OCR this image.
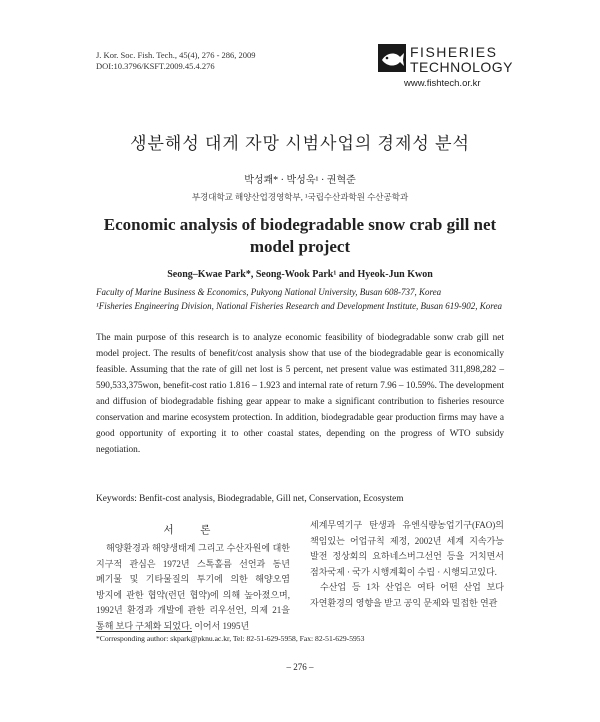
J. Kor. Soc. Fish. Tech., 45(4), 276 - 286, 2009
DOI:10.3796/KSFT.2009.45.4.276
FISHERIES
TECHNOLOGY
www.fishtech.or.kr
생분해성 대게 자망 시범사업의 경제성 분석
박성쾌* · 박성욱¹ · 권혁준
부경대학교 해양산업경영학부, ¹국립수산과학원 수산공학과
Economic analysis of biodegradable snow crab gill net
model project
Seong–Kwae Park*, Seong-Wook Park¹ and Hyeok-Jun Kwon
Faculty of Marine Business & Economics, Pukyong National University, Busan 608-737, Korea
¹Fisheries Engineering Division, National Fisheries Research and Development Institute, Busan 619-902, Korea
The main purpose of this research is to analyze economic feasibility of biodegradable sonw crab gill net model project. The results of benefit/cost analysis show that use of the biodegradable gear is economically feasible. Assuming that the rate of gill net lost is 5 percent, net present value was estimated 311,898,282 – 590,533,375won, benefit-cost ratio 1.816 – 1.923 and internal rate of return 7.96 – 10.59%. The development and diffusion of biodegradable fishing gear appear to make a significant contribution to fisheries resource conservation and marine ecosystem protection. In addition, biodegradable gear production firms may have a good opportunity of exporting it to other coastal states, depending on the progress of WTO subsidy negotiation.
Keywords: Benfit-cost analysis, Biodegradable, Gill net, Conservation, Ecosystem
서 론

해양환경과 해양생태계 그리고 수산자원에 대한 지구적 관심은 1972년 스톡홀름 선언과 동년 폐기물 및 기타물질의 투기에 의한 해양오염 방지에 관한 협약(런던 협약)에 의해 높아졌으며, 1992년 환경과 개발에 관한 리우선언, 의제 21을 통해 보다 구체화 되었다. 이어서 1995년

세계무역기구 탄생과 유엔식량농업기구(FAO)의 책임있는 어업규칙 제정, 2002년 세계 지속가능 발전 정상회의 요하네스버그선언 등을 거치면서 점차국제 · 국가 시행계획이 수립 · 시행되고있다.

수산업 등 1차 산업은 여타 어떤 산업 보다 자연환경의 영향을 받고 공익 문제와 밀접한 연관

*Corresponding author: skpark@pknu.ac.kr, Tel: 82-51-629-5958, Fax: 82-51-629-5953
– 276 –
